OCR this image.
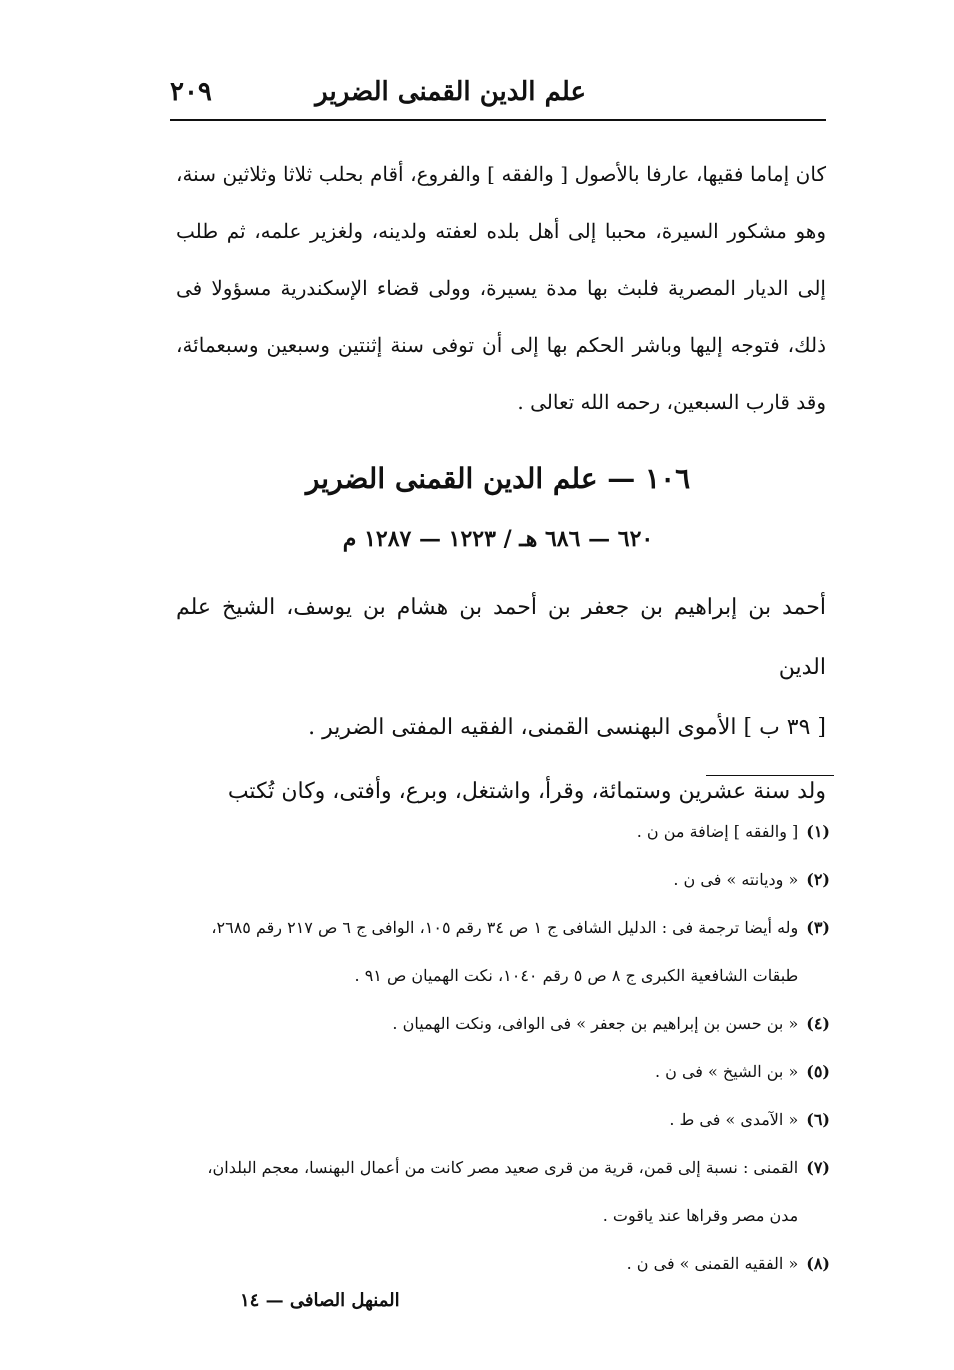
علم الدين القمنى الضرير
٢٠٩

كان إماما فقيها، عارفا بالأصول [ والفقه ] والفروع، أقام بحلب ثلاثا وثلاثين سنة، وهو مشكور السيرة، محببا إلى أهل بلده لعفته ولدينه، ولغزير علمه، ثم طلب إلى الديار المصرية فلبث بها مدة يسيرة، وولى قضاء الإسكندرية مسؤولا فى ذلك، فتوجه إليها وباشر الحكم بها إلى أن توفى سنة إثنتين وسبعين وسبعمائة، وقد قارب السبعين، رحمه الله تعالى .

١٠٦ — علم الدين القمنى الضرير
٦٢٠ — ٦٨٦ هـ / ١٢٢٣ — ١٢٨٧ م

أحمد بن إبراهيم بن جعفر بن أحمد بن هشام بن يوسف، الشيخ علم الدين

[ ٣٩ ب ] الأموى البهنسى القمنى، الفقيه المفتى الضرير .

ولد سنة عشرين وستمائة، وقرأ، واشتغل، وبرع، وأفتى، وكان تُكتب

(١)
[ والفقه ] إضافة من ن .
(٢)
« وديانته » فى ن .
(٣)
وله أيضا ترجمة فى : الدليل الشافى ج ١ ص ٣٤ رقم ١٠٥، الوافى ج ٦ ص ٢١٧ رقم ٢٦٨٥، طبقات الشافعية الكبرى ج ٨ ص ٥ رقم ١٠٤٠، نكت الهميان ص ٩١ .
(٤)
« بن حسن بن إبراهيم بن جعفر » فى الوافى، ونكت الهميان .
(٥)
« بن الشيخ » فى ن .
(٦)
« الآمدى » فى ط .
(٧)
القمنى : نسبة إلى قمن، قرية من قرى صعيد مصر كانت من أعمال البهنسا، معجم البلدان، مدن مصر وقراها عند ياقوت .
(٨)
« الفقيه القمنى » فى ن .
المنهل الصافى — ١٤
